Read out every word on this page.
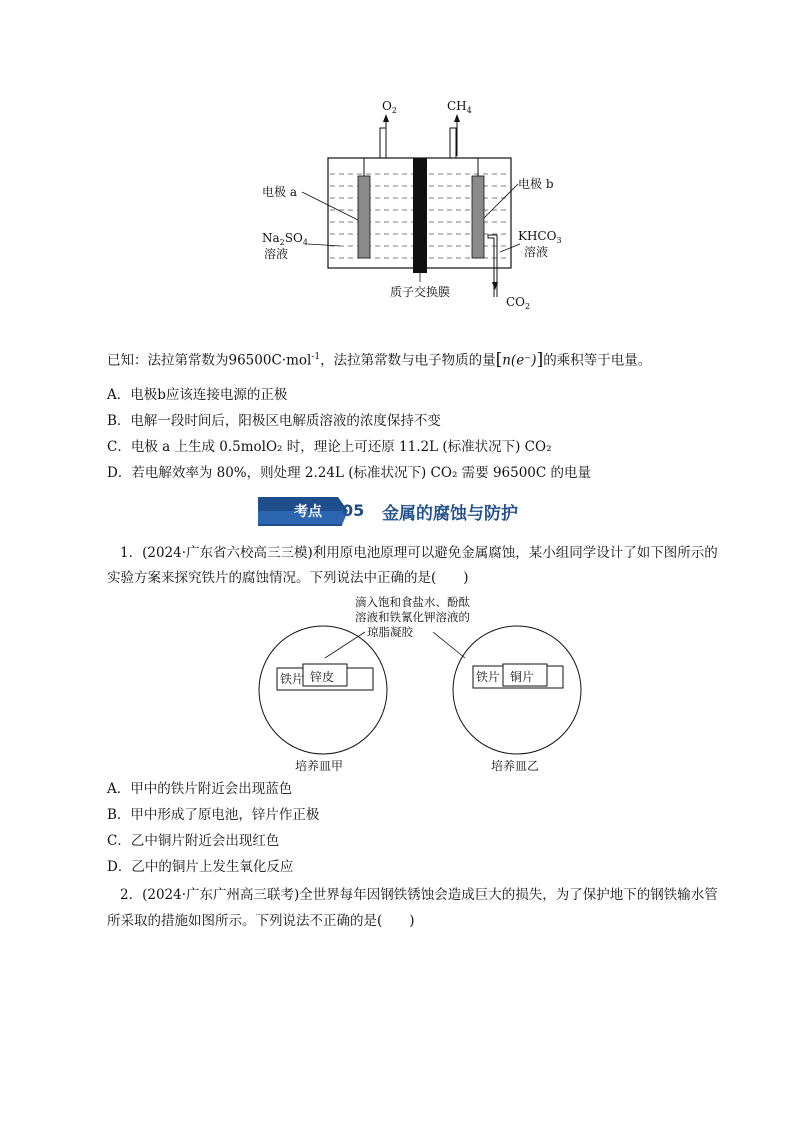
$O_2$	$CH_4$
$CO_2$
电极 a
$Na_2SO_4$
溶液
电极 b
$KHCO_3$
溶液
质子交换膜
已知：法拉第常数为96500C·mol$^{-1}$，法拉第常数与电子物质的量[n(e⁻)]的乘积等于电量。
A．电极b应该连接电源的正极
B．电解一段时间后，阳极区电解质溶液的浓度保持不变
C．电极 a 上生成 0.5molO₂ 时，理论上可还原 11.2L (标准状况下) CO₂
D．若电解效率为 80%，则处理 2.24L (标准状况下) CO₂ 需要 96500C 的电量
考点 05 金属的腐蚀与防护
1．(2024·广东省六校高三三模)利用原电池原理可以避免金属腐蚀，某小组同学设计了如下图所示的
实验方案来探究铁片的腐蚀情况。下列说法中正确的是(　　)
滴入饱和食盐水、酚酞
溶液和铁氰化钾溶液的
琼脂凝胶
铁片 锌皮	铁片 铜片
培养皿甲	培养皿乙
A．甲中的铁片附近会出现蓝色
B．甲中形成了原电池，锌片作正极
C．乙中铜片附近会出现红色
D．乙中的铜片上发生氧化反应
2．(2024·广东广州高三联考)全世界每年因钢铁锈蚀会造成巨大的损失，为了保护地下的钢铁输水管
所采取的措施如图所示。下列说法不正确的是(　　)
